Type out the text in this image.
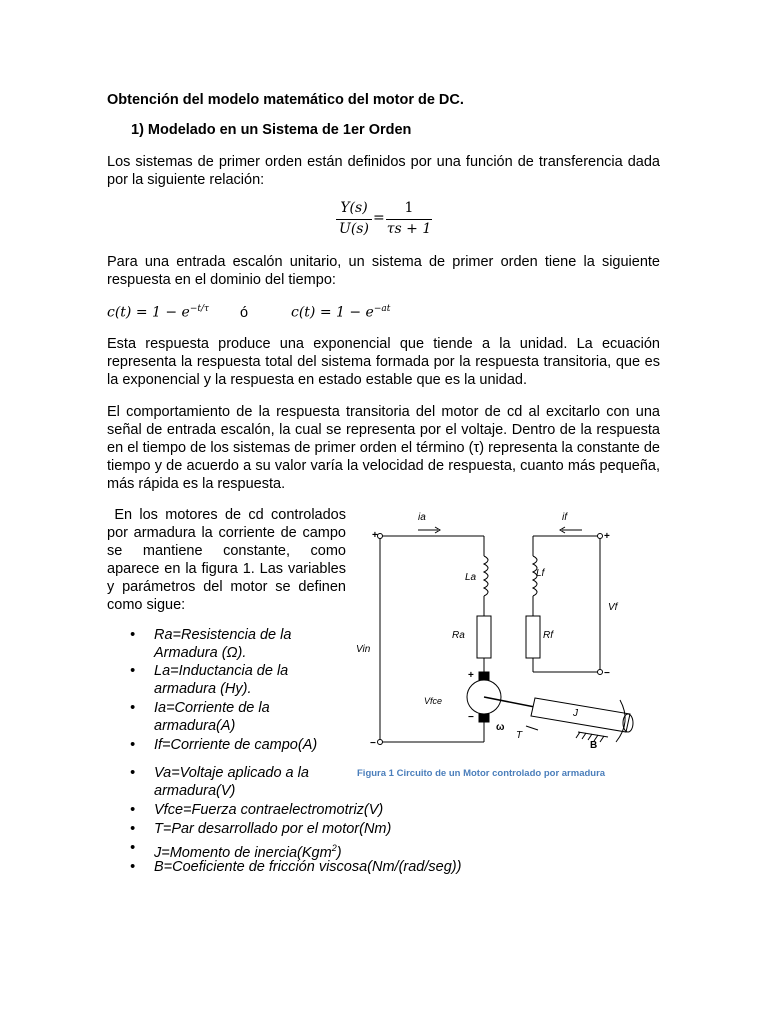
Obtención del modelo matemático del motor de DC.
1) Modelado en un Sistema de 1er Orden
Los sistemas de primer orden están definidos por una función de transferencia dada por la siguiente relación:
Y(s)
U(s)
=
1
τs + 1
Para una entrada escalón unitario, un sistema de primer orden tiene la siguiente respuesta en el dominio del tiempo:
$c(t) = 1 - e^{-t/\tau}$ ó	$c(t) = 1 - e^{-at}$
Esta respuesta produce una exponencial que tiende a la unidad. La ecuación representa la respuesta total del sistema formada por la respuesta transitoria, que es la exponencial y la respuesta en estado estable que es la unidad.
El comportamiento de la respuesta transitoria del motor de cd al excitarlo con una señal de entrada escalón, la cual se representa por el voltaje. Dentro de la respuesta en el tiempo de los sistemas de primer orden el término (τ) representa la constante de tiempo y de acuerdo a su valor varía la velocidad de respuesta, cuanto más pequeña, más rápida es la respuesta.
En los motores de cd controlados por armadura la corriente de campo se mantiene constante, como aparece en la figura 1. Las variables y parámetros del motor se definen como sigue:
• Ra=Resistencia de la
Armadura (Ω).
• La=Inductancia de la
armadura (Hy).
• Ia=Corriente de la
armadura(A)
• If=Corriente de campo(A)
• Va=Voltaje aplicado a la
armadura(V)
• Vfce=Fuerza contraelectromotriz(V)
• T=Par desarrollado por el motor(Nm)
• J=Momento de inercia(Kgm$^2$)
• B=Coeficiente de fricción viscosa(Nm/(rad/seg))
ia	if
La	Lf
Ra	Rf
Vin
Vf
Vfce
J
T
+
−
+
−
+
−
ω
B
Figura 1 Circuito de un Motor controlado por armadura
